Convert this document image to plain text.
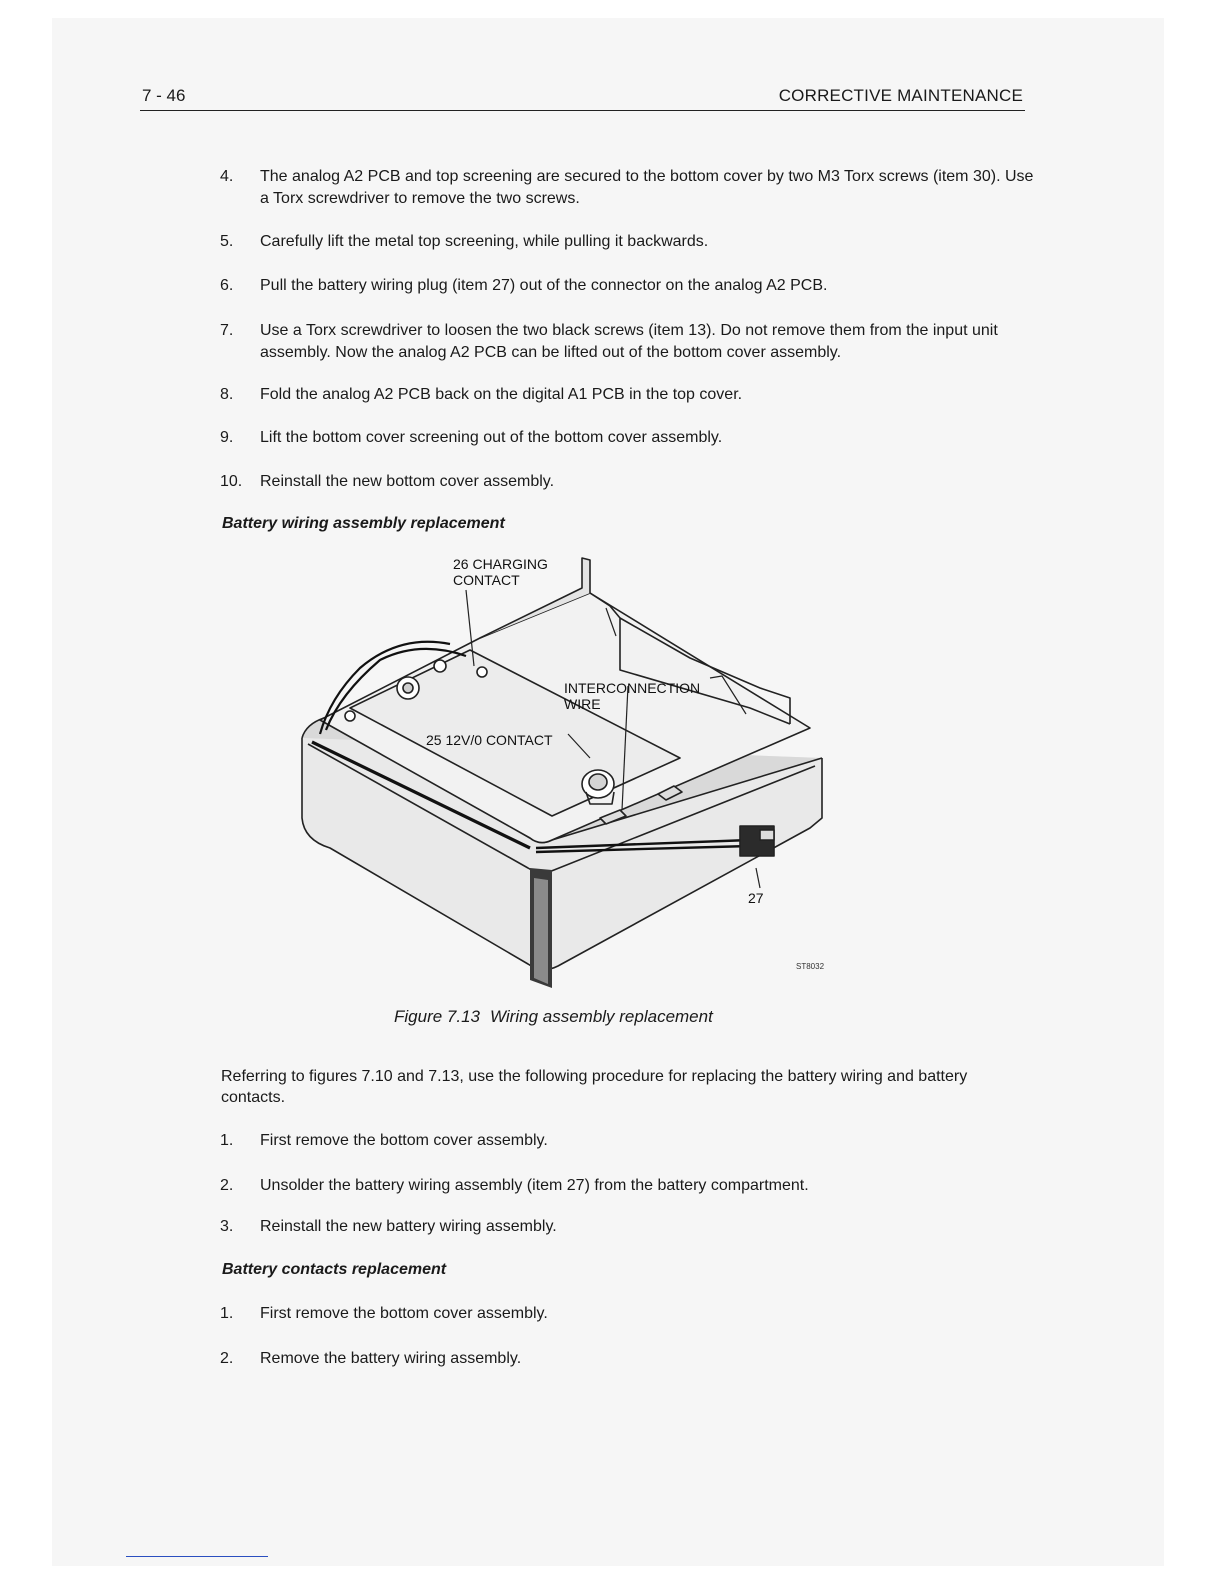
7 - 46	CORRECTIVE MAINTENANCE
4. The analog A2 PCB and top screening are secured to the bottom cover by two M3 Torx screws (item 30). Use a Torx screwdriver to remove the two screws.
5. Carefully lift the metal top screening, while pulling it backwards.
6. Pull the battery wiring plug (item 27) out of the connector on the analog A2 PCB.
7. Use a Torx screwdriver to loosen the two black screws (item 13). Do not remove them from the input unit assembly. Now the analog A2 PCB can be lifted out of the bottom cover assembly.
8. Fold the analog A2 PCB back on the digital A1 PCB in the top cover.
9. Lift the bottom cover screening out of the bottom cover assembly.
10. Reinstall the new bottom cover assembly.
Battery wiring assembly replacement
26 CHARGING CONTACT
INTERCONNECTION WIRE
25 12V/0 CONTACT
27
ST8032
Figure 7.13 Wiring assembly replacement
Referring to figures 7.10 and 7.13, use the following procedure for replacing the battery wiring and battery contacts.
1. First remove the bottom cover assembly.
2. Unsolder the battery wiring assembly (item 27) from the battery compartment.
3. Reinstall the new battery wiring assembly.
Battery contacts replacement
1. First remove the bottom cover assembly.
2. Remove the battery wiring assembly.
